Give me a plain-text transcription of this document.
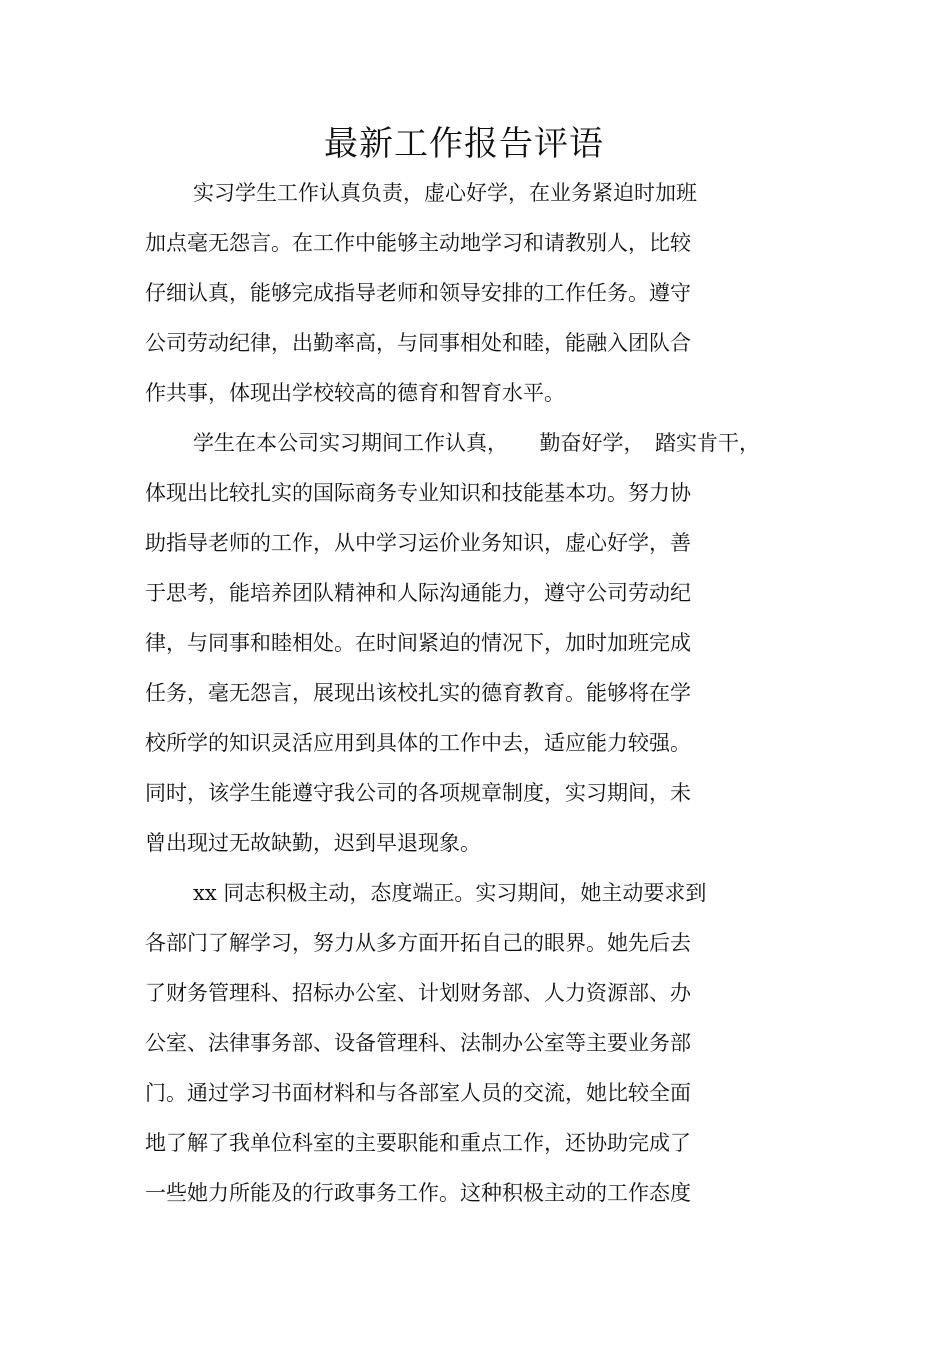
最新工作报告评语
实习学生工作认真负责，虚心好学，在业务紧迫时加班
加点毫无怨言。在工作中能够主动地学习和请教别人，比较
仔细认真，能够完成指导老师和领导安排的工作任务。遵守
公司劳动纪律，出勤率高，与同事相处和睦，能融入团队合
作共事，体现出学校较高的德育和智育水平。
学生在本公司实习期间工作认真，　　勤奋好学，　踏实肯干，
体现出比较扎实的国际商务专业知识和技能基本功。努力协
助指导老师的工作，从中学习运价业务知识，虚心好学，善
于思考，能培养团队精神和人际沟通能力，遵守公司劳动纪
律，与同事和睦相处。在时间紧迫的情况下，加时加班完成
任务，毫无怨言，展现出该校扎实的德育教育。能够将在学
校所学的知识灵活应用到具体的工作中去，适应能力较强。
同时，该学生能遵守我公司的各项规章制度，实习期间，未
曾出现过无故缺勤，迟到早退现象。
xx 同志积极主动，态度端正。实习期间，她主动要求到
各部门了解学习，努力从多方面开拓自己的眼界。她先后去
了财务管理科、招标办公室、计划财务部、人力资源部、办
公室、法律事务部、设备管理科、法制办公室等主要业务部
门。通过学习书面材料和与各部室人员的交流，她比较全面
地了解了我单位科室的主要职能和重点工作，还协助完成了
一些她力所能及的行政事务工作。这种积极主动的工作态度
